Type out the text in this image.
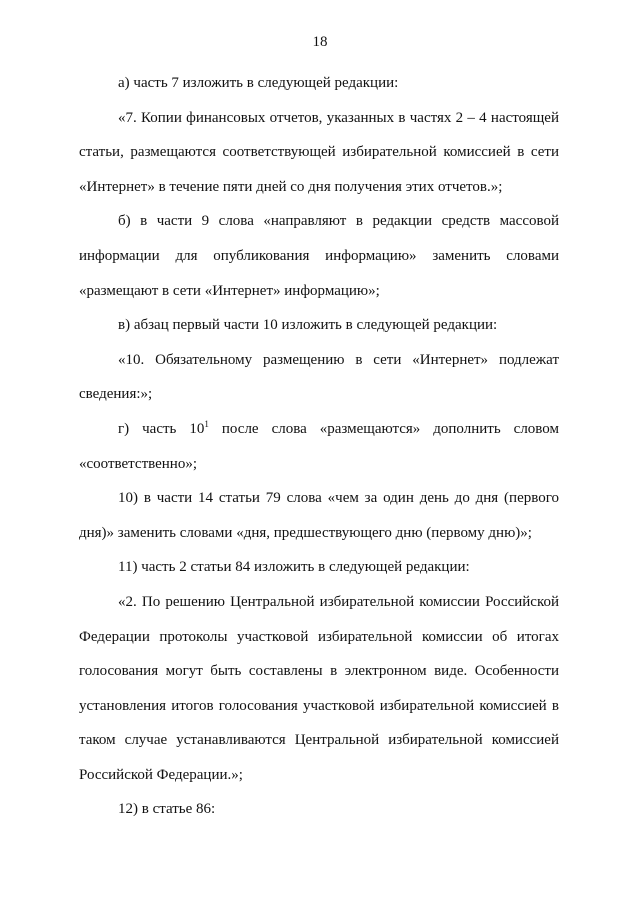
18

а) часть 7 изложить в следующей редакции:

«7. Копии финансовых отчетов, указанных в частях 2 – 4 настоящей статьи, размещаются соответствующей избирательной комиссией в сети «Интернет» в течение пяти дней со дня получения этих отчетов.»;

б) в части 9 слова «направляют в редакции средств массовой информации для опубликования информацию» заменить словами «размещают в сети «Интернет» информацию»;

в) абзац первый части 10 изложить в следующей редакции:

«10. Обязательному размещению в сети «Интернет» подлежат сведения:»;

г) часть $10^1$ после слова «размещаются» дополнить словом «соответственно»;

10) в части 14 статьи 79 слова «чем за один день до дня (первого дня)» заменить словами «дня, предшествующего дню (первому дню)»;

11) часть 2 статьи 84 изложить в следующей редакции:

«2. По решению Центральной избирательной комиссии Российской Федерации протоколы участковой избирательной комиссии об итогах голосования могут быть составлены в электронном виде. Особенности установления итогов голосования участковой избирательной комиссией в таком случае устанавливаются Центральной избирательной комиссией Российской Федерации.»;

12) в статье 86:
